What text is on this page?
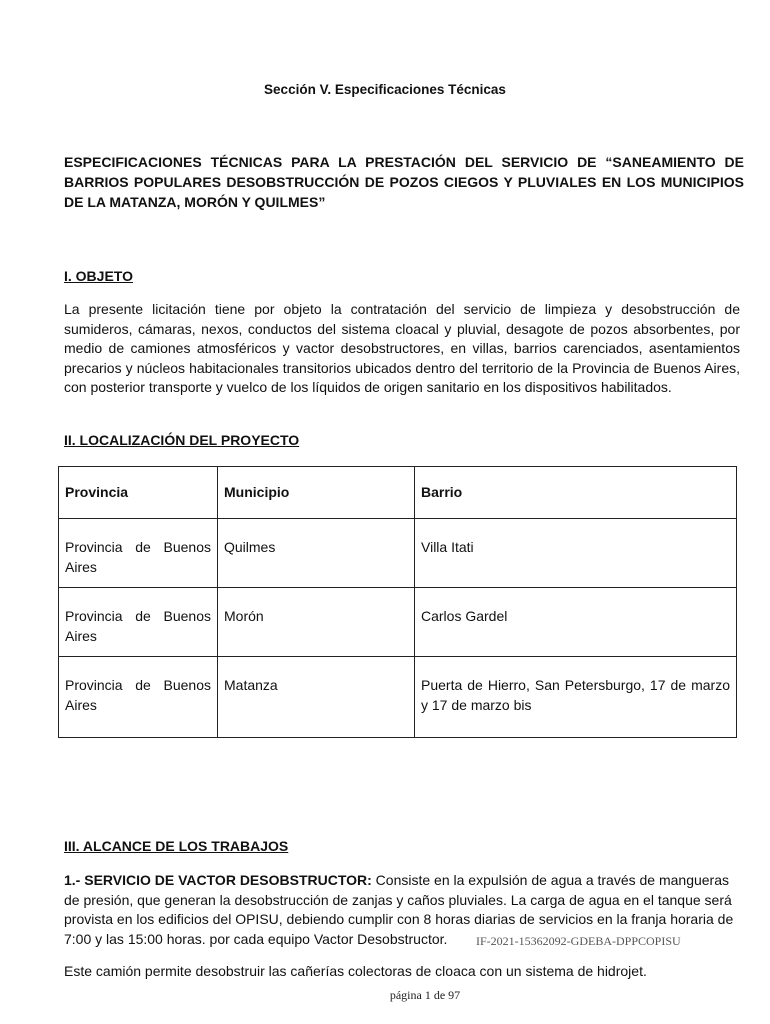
Sección V. Especificaciones Técnicas
ESPECIFICACIONES TÉCNICAS PARA LA PRESTACIÓN DEL SERVICIO DE “SANEAMIENTO DE BARRIOS POPULARES DESOBSTRUCCIÓN DE POZOS CIEGOS Y PLUVIALES EN LOS MUNICIPIOS DE LA MATANZA, MORÓN Y QUILMES”
I. OBJETO
La presente licitación tiene por objeto la contratación del servicio de limpieza y desobstrucción de sumideros, cámaras, nexos, conductos del sistema cloacal y pluvial, desagote de pozos absorbentes, por medio de camiones atmosféricos y vactor desobstructores, en villas, barrios carenciados, asentamientos precarios y núcleos habitacionales transitorios ubicados dentro del territorio de la Provincia de Buenos Aires, con posterior transporte y vuelco de los líquidos de origen sanitario en los dispositivos habilitados.
II. LOCALIZACIÓN DEL PROYECTO
Provincia	Municipio	Barrio
Provincia de Buenos Aires	Quilmes	Villa Itati
Provincia de Buenos Aires	Morón	Carlos Gardel
Provincia de Buenos Aires	Matanza	Puerta de Hierro, San Petersburgo, 17 de marzo y 17 de marzo bis
III. ALCANCE DE LOS TRABAJOS
1.- SERVICIO DE VACTOR DESOBSTRUCTOR: Consiste en la expulsión de agua a través de mangueras de presión, que generan la desobstrucción de zanjas y caños pluviales. La carga de agua en el tanque será provista en los edificios del OPISU, debiendo cumplir con 8 horas diarias de servicios en la franja horaria de 7:00 y las 15:00 horas. por cada equipo Vactor Desobstructor.	IF-2021-15362092-GDEBA-DPPCOPISU
Este camión permite desobstruir las cañerías colectoras de cloaca con un sistema de hidrojet.
página 1 de 97
